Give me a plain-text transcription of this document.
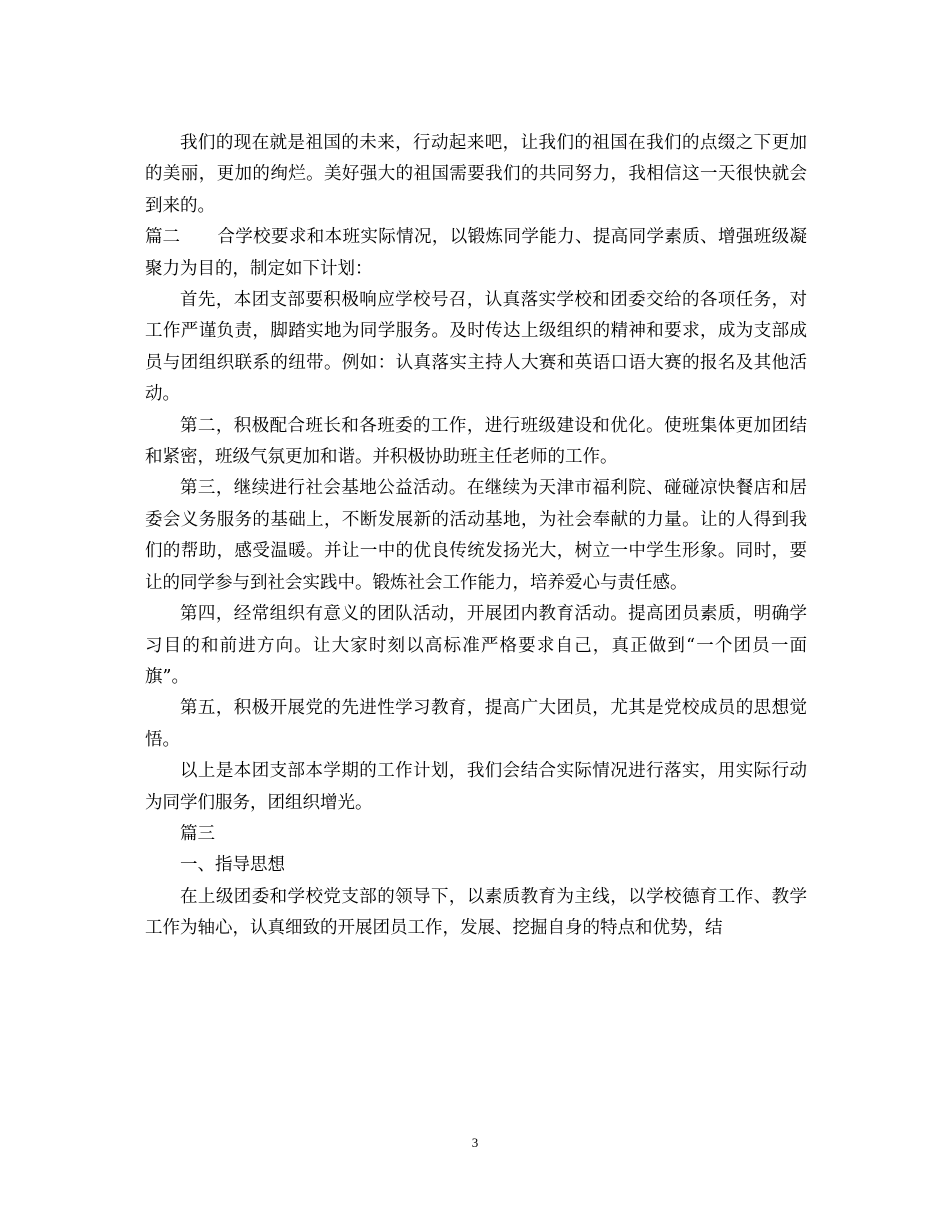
我们的现在就是祖国的未来，行动起来吧，让我们的祖国在我们的点缀之下更加的美丽，更加的绚烂。美好强大的祖国需要我们的共同努力，我相信这一天很快就会到来的。

篇二 合学校要求和本班实际情况，以锻炼同学能力、提高同学素质、增强班级凝聚力为目的，制定如下计划：

首先，本团支部要积极响应学校号召，认真落实学校和团委交给的各项任务，对工作严谨负责，脚踏实地为同学服务。及时传达上级组织的精神和要求，成为支部成员与团组织联系的纽带。例如：认真落实主持人大赛和英语口语大赛的报名及其他活动。

第二，积极配合班长和各班委的工作，进行班级建设和优化。使班集体更加团结和紧密，班级气氛更加和谐。并积极协助班主任老师的工作。

第三，继续进行社会基地公益活动。在继续为天津市福利院、碰碰凉快餐店和居委会义务服务的基础上，不断发展新的活动基地，为社会奉献的力量。让的人得到我们的帮助，感受温暖。并让一中的优良传统发扬光大，树立一中学生形象。同时，要让的同学参与到社会实践中。锻炼社会工作能力，培养爱心与责任感。

第四，经常组织有意义的团队活动，开展团内教育活动。提高团员素质，明确学习目的和前进方向。让大家时刻以高标准严格要求自己，真正做到“一个团员一面旗”。

第五，积极开展党的先进性学习教育，提高广大团员，尤其是党校成员的思想觉悟。

以上是本团支部本学期的工作计划，我们会结合实际情况进行落实，用实际行动为同学们服务，团组织增光。

篇三

一、指导思想

在上级团委和学校党支部的领导下，以素质教育为主线，以学校德育工作、教学工作为轴心，认真细致的开展团员工作，发展、挖掘自身的特点和优势，结

3
